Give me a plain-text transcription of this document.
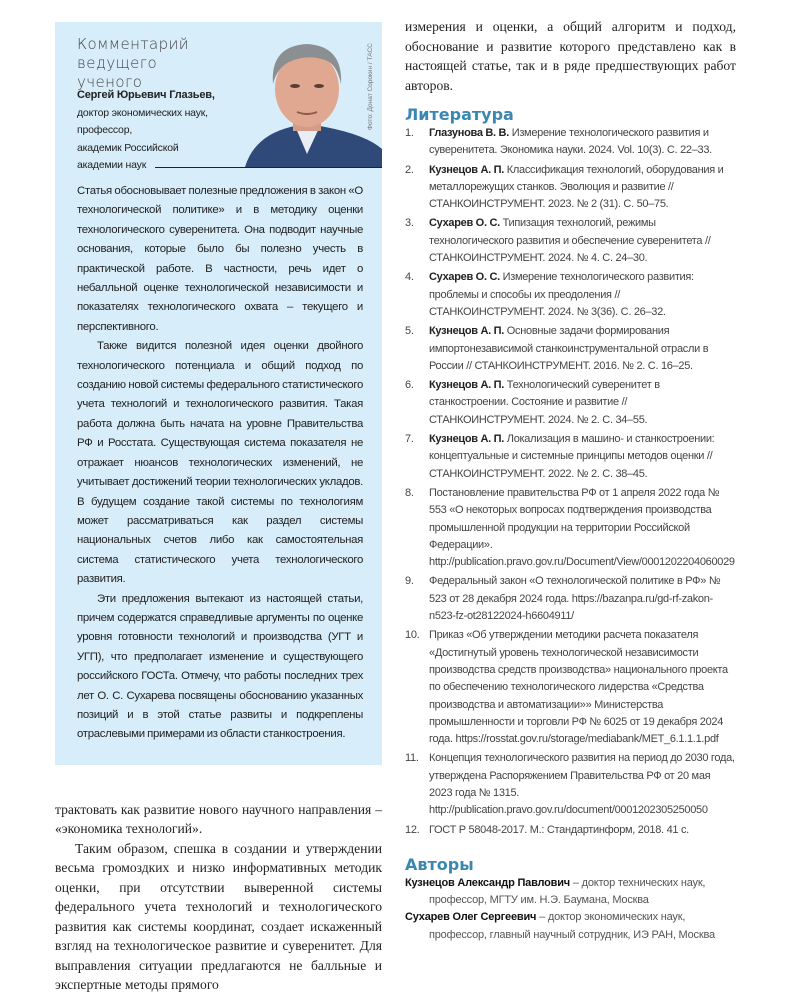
Комментарий ведущего ученого	Фото: Донат Сорокин / ТАСС
Сергей Юрьевич Глазьев,
доктор экономических наук,
профессор,
академик Российской
академии наук

Статья обосновывает полезные предложения в закон «О технологической политике» и в методику оценки технологического суверенитета. Она подводит научные основания, которые было бы полезно учесть в практической работе. В частности, речь идет о небалльной оценке технологической независимости и показателях технологического охвата – текущего и перспективного.

Также видится полезной идея оценки двойного технологического потенциала и общий подход по созданию новой системы федерального статистического учета технологий и технологического развития. Такая работа должна быть начата на уровне Правительства РФ и Росстата. Существующая система показателя не отражает нюансов технологических изменений, не учитывает достижений теории технологических укладов. В будущем создание такой системы по технологиям может рассматриваться как раздел системы национальных счетов либо как самостоятельная система статистического учета технологического развития.

Эти предложения вытекают из настоящей статьи, причем содержатся справедливые аргументы по оценке уровня готовности технологий и производства (УГТ и УГП), что предполагает изменение и существующего российского ГОСТа. Отмечу, что работы последних трех лет О. С. Сухарева посвящены обоснованию указанных позиций и в этой статье развиты и подкреплены отраслевыми примерами из области станкостроения.

трактовать как развитие нового научного направления – «экономика технологий».

Таким образом, спешка в создании и утверждении весьма громоздких и низко информативных методик оценки, при отсутствии выверенной системы федерального учета технологий и технологического развития как системы координат, создает искаженный взгляд на технологическое развитие и суверенитет. Для выправления ситуации предлагаются не балльные и экспертные методы прямого

измерения и оценки, а общий алгоритм и подход, обоснование и развитие которого представлено как в настоящей статье, так и в ряде предшествующих работ авторов.

Литература
1.	Глазунова В. В. Измерение технологического развития и суверенитета. Экономика науки. 2024. Vol. 10(3). С. 22–33.
2.	Кузнецов А. П. Классификация технологий, оборудования и металлорежущих станков. Эволюция и развитие // СТАНКОИНСТРУМЕНТ. 2023. № 2 (31). С. 50–75.
3.	Сухарев О. С. Типизация технологий, режимы технологического развития и обеспечение суверенитета // СТАНКОИНСТРУМЕНТ. 2024. № 4. С. 24–30.
4.	Сухарев О. С. Измерение технологического развития: проблемы и способы их преодоления // СТАНКОИНСТРУМЕНТ. 2024. № 3(36). С. 26–32.
5.	Кузнецов А. П. Основные задачи формирования импортонезависимой станкоинструментальной отрасли в России // СТАНКОИНСТРУМЕНТ. 2016. № 2. С. 16–25.
6.	Кузнецов А. П. Технологический суверенитет в станкостроении. Состояние и развитие // СТАНКОИНСТРУМЕНТ. 2024. № 2. С. 34–55.
7.	Кузнецов А. П. Локализация в машино- и станкостроении: концептуальные и системные принципы методов оценки // СТАНКОИНСТРУМЕНТ. 2022. № 2. С. 38–45.
8.	Постановление правительства РФ от 1 апреля 2022 года № 553 «О некоторых вопросах подтверждения производства промышленной продукции на территории Российской Федерации». http://publication.pravo.gov.ru/Document/View/0001202204060029
9.	Федеральный закон «О технологической политике в РФ» № 523 от 28 декабря 2024 года. https://bazanpa.ru/gd-rf-zakon-n523-fz-ot28122024-h6604911/
10. Приказ «Об утверждении методики расчета показателя «Достигнутый уровень технологической независимости производства средств производства» национального проекта по обеспечению технологического лидерства «Средства производства и автоматизации»» Министерства промышленности и торговли РФ № 6025 от 19 декабря 2024 года. https://rosstat.gov.ru/storage/mediabank/MET_6.1.1.1.pdf
11. Концепция технологического развития на период до 2030 года, утверждена Распоряжением Правительства РФ от 20 мая 2023 года № 1315. http://publication.pravo.gov.ru/document/0001202305250050
12. ГОСТ Р 58048-2017. М.: Стандартинформ, 2018. 41 с.
Авторы
Кузнецов Александр Павлович – доктор технических наук, профессор, МГТУ им. Н.Э. Баумана, Москва
Сухарев Олег Сергеевич – доктор экономических наук, профессор, главный научный сотрудник, ИЭ РАН, Москва
